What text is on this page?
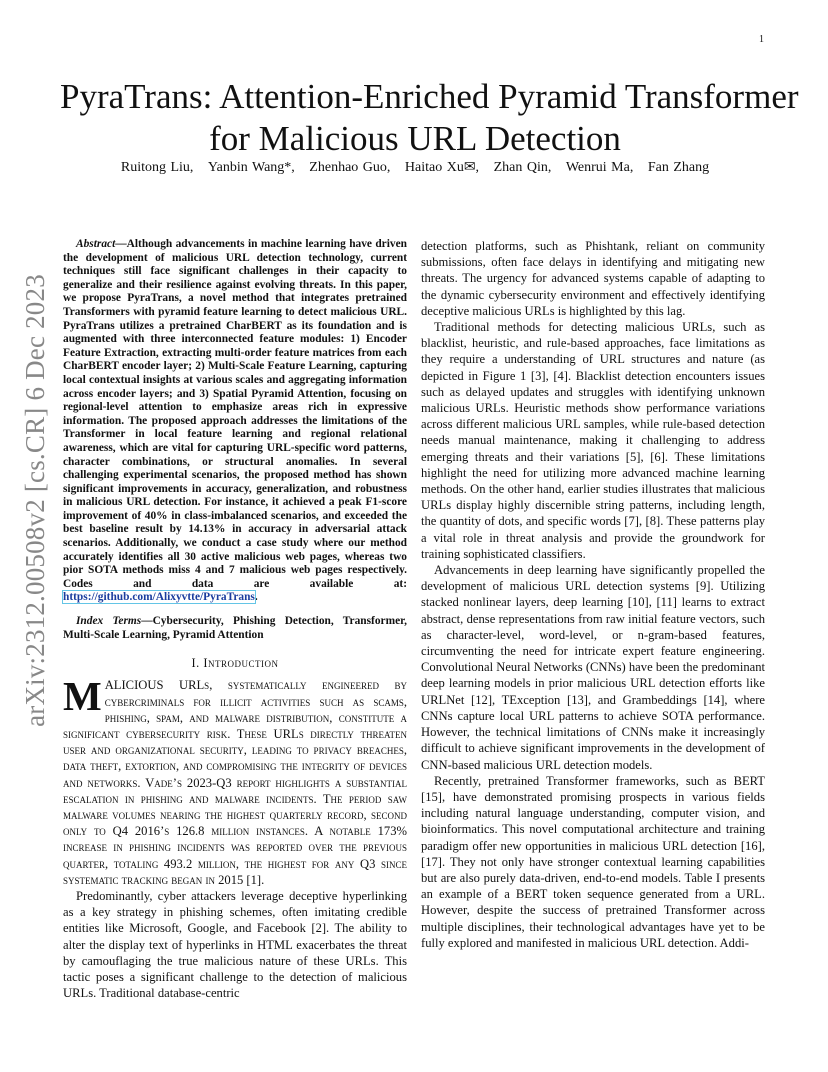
1
arXiv:2312.00508v2 [cs.CR] 6 Dec 2023
PyraTrans: Attention-Enriched Pyramid Transformer
for Malicious URL Detection
Ruitong Liu, Yanbin Wang*, Zhenhao Guo, Haitao Xu✉, Zhan Qin, Wenrui Ma, Fan Zhang

Abstract—Although advancements in machine learning have driven the development of malicious URL detection technology, current techniques still face significant challenges in their capacity to generalize and their resilience against evolving threats. In this paper, we propose PyraTrans, a novel method that integrates pretrained Transformers with pyramid feature learning to detect malicious URL. PyraTrans utilizes a pretrained CharBERT as its foundation and is augmented with three interconnected feature modules: 1) Encoder Feature Extraction, extracting multi-order feature matrices from each CharBERT encoder layer; 2) Multi-Scale Feature Learning, capturing local contextual insights at various scales and aggregating information across encoder layers; and 3) Spatial Pyramid Attention, focusing on regional-level attention to emphasize areas rich in expressive information. The proposed approach addresses the limitations of the Transformer in local feature learning and regional relational awareness, which are vital for capturing URL-specific word patterns, character combinations, or structural anomalies. In several challenging experimental scenarios, the proposed method has shown significant improvements in accuracy, generalization, and robustness in malicious URL detection. For instance, it achieved a peak F1-score improvement of 40% in class-imbalanced scenarios, and exceeded the best baseline result by 14.13% in accuracy in adversarial attack scenarios. Additionally, we conduct a case study where our method accurately identifies all 30 active malicious web pages, whereas two pior SOTA methods miss 4 and 7 malicious web pages respectively. Codes and data are available at: https://github.com/Alixyvtte/PyraTrans.

Index Terms—Cybersecurity, Phishing Detection, Transformer, Multi-Scale Learning, Pyramid Attention

I. Introduction

MALICIOUS URLs, systematically engineered by cybercriminals for illicit activities such as scams, phishing, spam, and malware distribution, constitute a significant cybersecurity risk. These URLs directly threaten user and organizational security, leading to privacy breaches, data theft, extortion, and compromising the integrity of devices and networks. Vade’s 2023-Q3 report highlights a substantial escalation in phishing and malware incidents. The period saw malware volumes nearing the highest quarterly record, second only to Q4 2016’s 126.8 million instances. A notable 173% increase in phishing incidents was reported over the previous quarter, totaling 493.2 million, the highest for any Q3 since systematic tracking began in 2015 [1].

Predominantly, cyber attackers leverage deceptive hyperlinking as a key strategy in phishing schemes, often imitating credible entities like Microsoft, Google, and Facebook [2]. The ability to alter the display text of hyperlinks in HTML exacerbates the threat by camouflaging the true malicious nature of these URLs. This tactic poses a significant challenge to the detection of malicious URLs. Traditional database-centric

detection platforms, such as Phishtank, reliant on community submissions, often face delays in identifying and mitigating new threats. The urgency for advanced systems capable of adapting to the dynamic cybersecurity environment and effectively identifying deceptive malicious URLs is highlighted by this lag.

Traditional methods for detecting malicious URLs, such as blacklist, heuristic, and rule-based approaches, face limitations as they require a understanding of URL structures and nature (as depicted in Figure 1 [3], [4]. Blacklist detection encounters issues such as delayed updates and struggles with identifying unknown malicious URLs. Heuristic methods show performance variations across different malicious URL samples, while rule-based detection needs manual maintenance, making it challenging to address emerging threats and their variations [5], [6]. These limitations highlight the need for utilizing more advanced machine learning methods. On the other hand, earlier studies illustrates that malicious URLs display highly discernible string patterns, including length, the quantity of dots, and specific words [7], [8]. These patterns play a vital role in threat analysis and provide the groundwork for training sophisticated classifiers.

Advancements in deep learning have significantly propelled the development of malicious URL detection systems [9]. Utilizing stacked nonlinear layers, deep learning [10], [11] learns to extract abstract, dense representations from raw initial feature vectors, such as character-level, word-level, or n-gram-based features, circumventing the need for intricate expert feature engineering. Convolutional Neural Networks (CNNs) have been the predominant deep learning models in prior malicious URL detection efforts like URLNet [12], TException [13], and Grambeddings [14], where CNNs capture local URL patterns to achieve SOTA performance. However, the technical limitations of CNNs make it increasingly difficult to achieve significant improvements in the development of CNN-based malicious URL detection models.

Recently, pretrained Transformer frameworks, such as BERT [15], have demonstrated promising prospects in various fields including natural language understanding, computer vision, and bioinformatics. This novel computational architecture and training paradigm offer new opportunities in malicious URL detection [16], [17]. They not only have stronger contextual learning capabilities but are also purely data-driven, end-to-end models. Table I presents an example of a BERT token sequence generated from a URL. However, despite the success of pretrained Transformer across multiple disciplines, their technological advantages have yet to be fully explored and manifested in malicious URL detection. Addi-
